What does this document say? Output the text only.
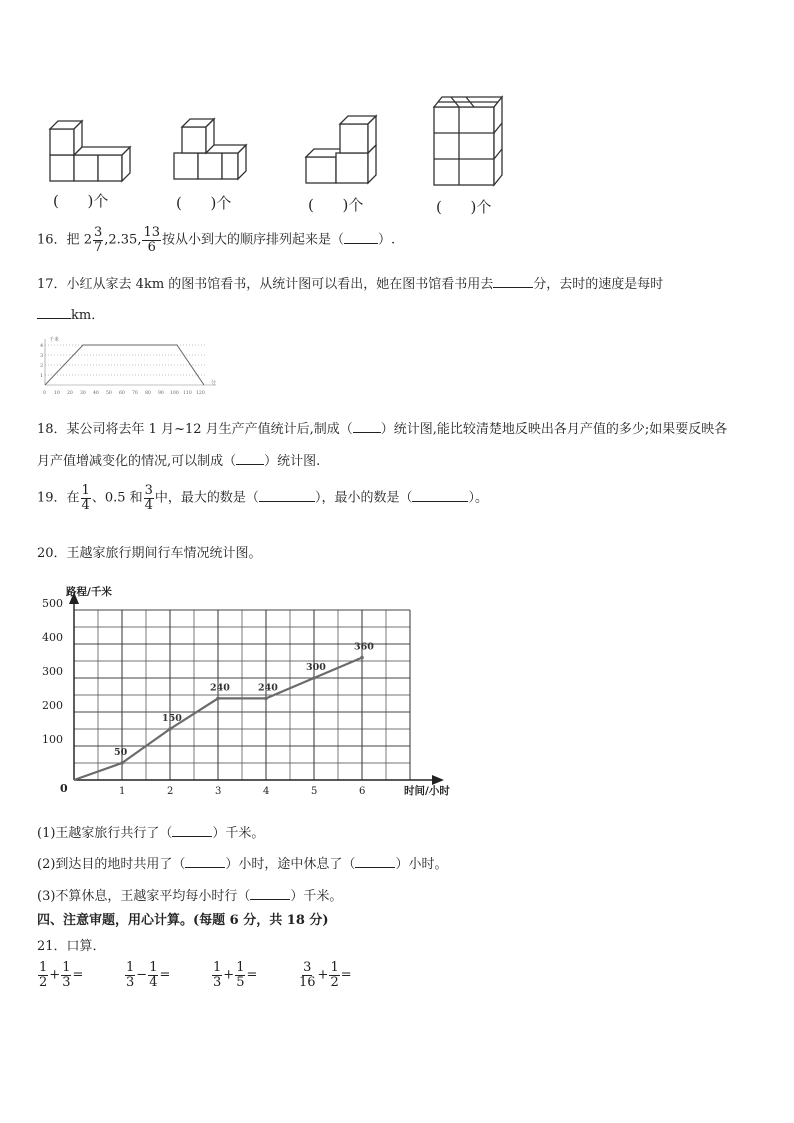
(      )个	(      )个	(      )个	(      )个
16．把 $2 \frac{3}{7} ,2.35$, $\frac{13}{6}$ 按从小到大的顺序排列起来是（	）.
17．小红从家去 4km 的图书馆看书，从统计图可以看出，她在图书馆看书用去	分，去时的速度是每时
km．
千米
分
1
2
3
4
0 10 20 30 40 50 60 70 80 90 100 110 120
18．某公司将去年 1 月~12 月生产产值统计后,制成（ ）统计图,能比较清楚地反映出各月产值的多少;如果要反映各
月产值增减变化的情况,可以制成（ ）统计图.
19．在 $\frac{1}{4}$ 、0.5 和 $\frac{3}{4}$ 中，最大的数是（	），最小的数是（	）。
20．王越家旅行期间行车情况统计图。
50
150
240	240
300
360
1	2	3	4	5	6
100
200
300
400
500
路程/千米
时间/小时
0
(1)王越家旅行共行了（	）千米。
(2)到达目的地时共用了（	）小时，途中休息了（	）小时。
(3)不算休息，王越家平均每小时行（	）千米。
四、注意审题，用心计算。(每题 6 分，共 18 分)
21．口算．
$\frac{1}{2} + \frac{1}{3}$ =	$\frac{1}{3} - \frac{1}{4}$ =	$\frac{1}{3} + \frac{1}{5}$ =	$\frac{3}{16} + \frac{1}{2}$ =
